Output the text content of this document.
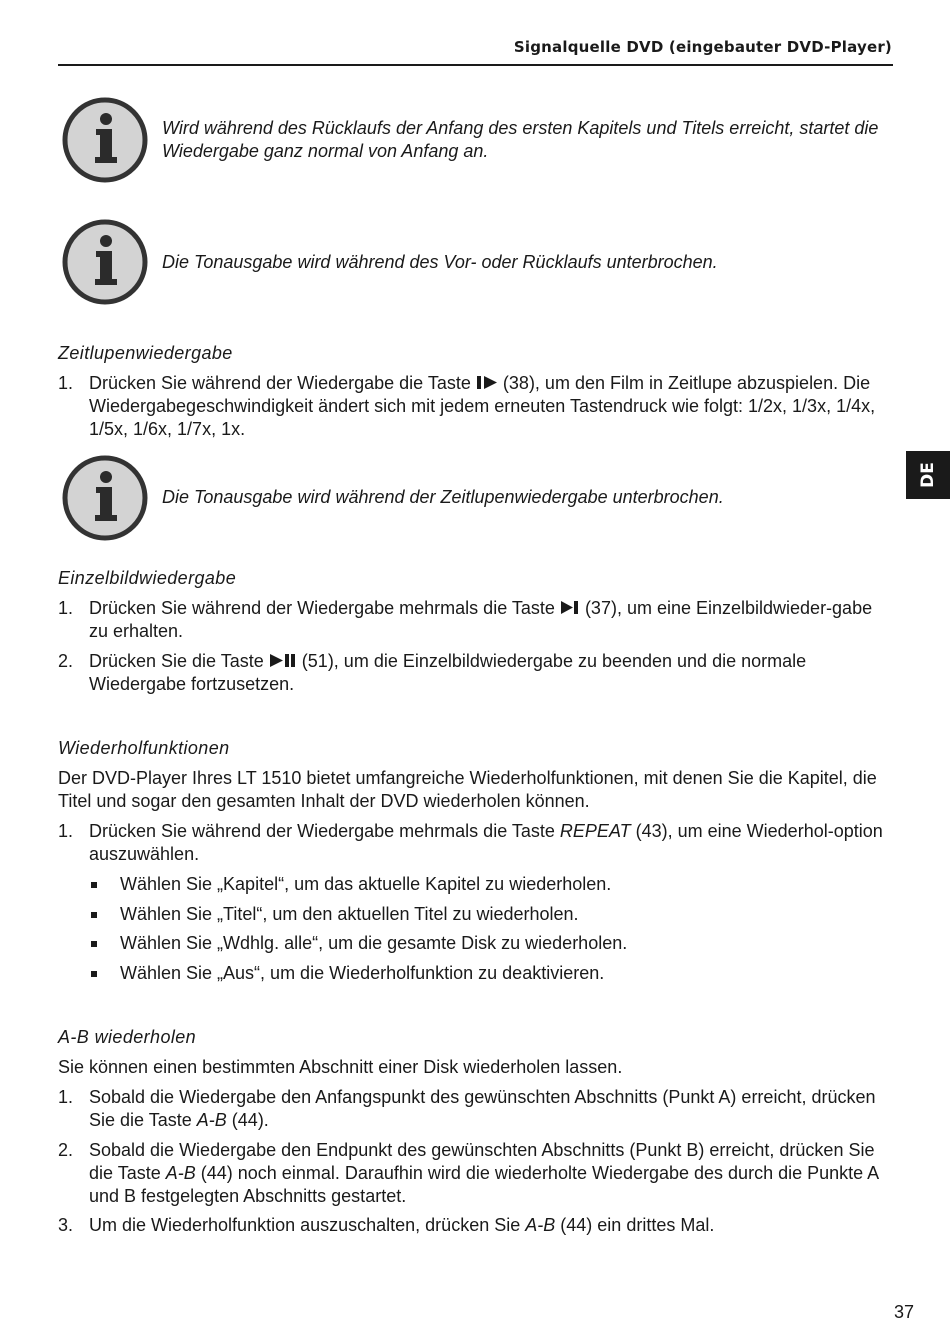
Signalquelle DVD (eingebauter DVD-Player)
Wird während des Rücklaufs der Anfang des ersten Kapitels und Titels erreicht, startet die Wiedergabe ganz normal von Anfang an.
Die Tonausgabe wird während des Vor- oder Rücklaufs unterbrochen.
Zeitlupenwiedergabe
1. Drücken Sie während der Wiedergabe die Taste (38), um den Film in Zeitlupe abzuspielen. Die Wiedergabegeschwindigkeit ändert sich mit jedem erneuten Tastendruck wie folgt: 1/2x, 1/3x, 1/4x, 1/5x, 1/6x, 1/7x, 1x.
Die Tonausgabe wird während der Zeitlupenwiedergabe unterbrochen.
DE
Einzelbildwiedergabe
1. Drücken Sie während der Wiedergabe mehrmals die Taste (37), um eine Einzelbildwieder-gabe zu erhalten.
2. Drücken Sie die Taste (51), um die Einzelbildwiedergabe zu beenden und die normale Wiedergabe fortzusetzen.
Wiederholfunktionen
Der DVD-Player Ihres LT 1510 bietet umfangreiche Wiederholfunktionen, mit denen Sie die Kapitel, die Titel und sogar den gesamten Inhalt der DVD wiederholen können.
1. Drücken Sie während der Wiedergabe mehrmals die Taste REPEAT (43), um eine Wiederhol-option auszuwählen.
Wählen Sie „Kapitel“, um das aktuelle Kapitel zu wiederholen.
Wählen Sie „Titel“, um den aktuellen Titel zu wiederholen.
Wählen Sie „Wdhlg. alle“, um die gesamte Disk zu wiederholen.
Wählen Sie „Aus“, um die Wiederholfunktion zu deaktivieren.
A-B wiederholen
Sie können einen bestimmten Abschnitt einer Disk wiederholen lassen.
1. Sobald die Wiedergabe den Anfangspunkt des gewünschten Abschnitts (Punkt A) erreicht, drücken Sie die Taste A-B (44).
2. Sobald die Wiedergabe den Endpunkt des gewünschten Abschnitts (Punkt B) erreicht, drücken Sie die Taste A-B (44) noch einmal. Daraufhin wird die wiederholte Wiedergabe des durch die Punkte A und B festgelegten Abschnitts gestartet.
3. Um die Wiederholfunktion auszuschalten, drücken Sie A-B (44) ein drittes Mal.
37
